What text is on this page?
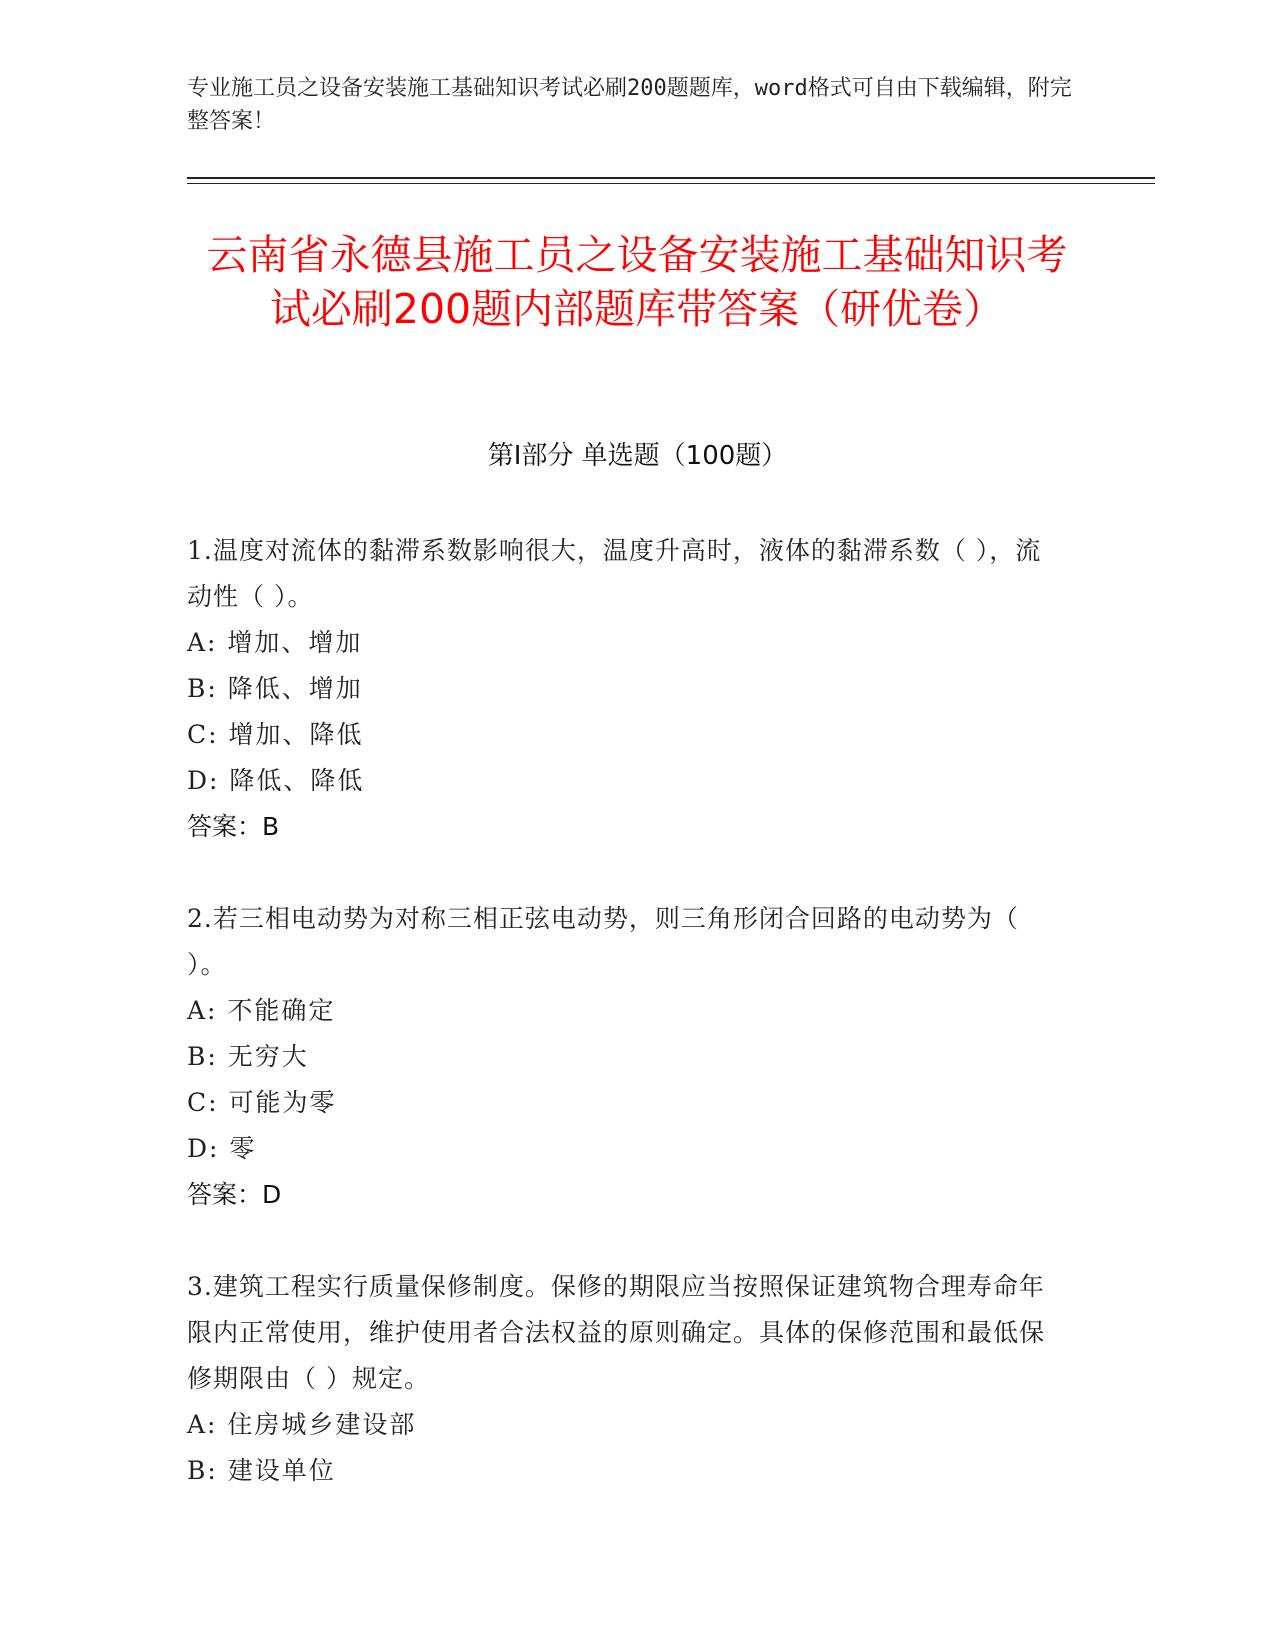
专业施工员之设备安装施工基础知识考试必刷200题题库，word格式可自由下载编辑，附完整答案！
云南省永德县施工员之设备安装施工基础知识考试必刷200题内部题库带答案（研优卷）
第Ⅰ部分 单选题（100题）

1.温度对流体的黏滞系数影响很大，温度升高时，液体的黏滞系数（ ），流动性（ ）。

A: 增加、增加

B: 降低、增加

C: 增加、降低

D: 降低、降低

答案：B

2.若三相电动势为对称三相正弦电动势，则三角形闭合回路的电动势为（ ）。

A: 不能确定

B: 无穷大

C: 可能为零

D: 零

答案：D

3.建筑工程实行质量保修制度。保修的期限应当按照保证建筑物合理寿命年限内正常使用，维护使用者合法权益的原则确定。具体的保修范围和最低保修期限由（ ）规定。

A: 住房城乡建设部

B: 建设单位
